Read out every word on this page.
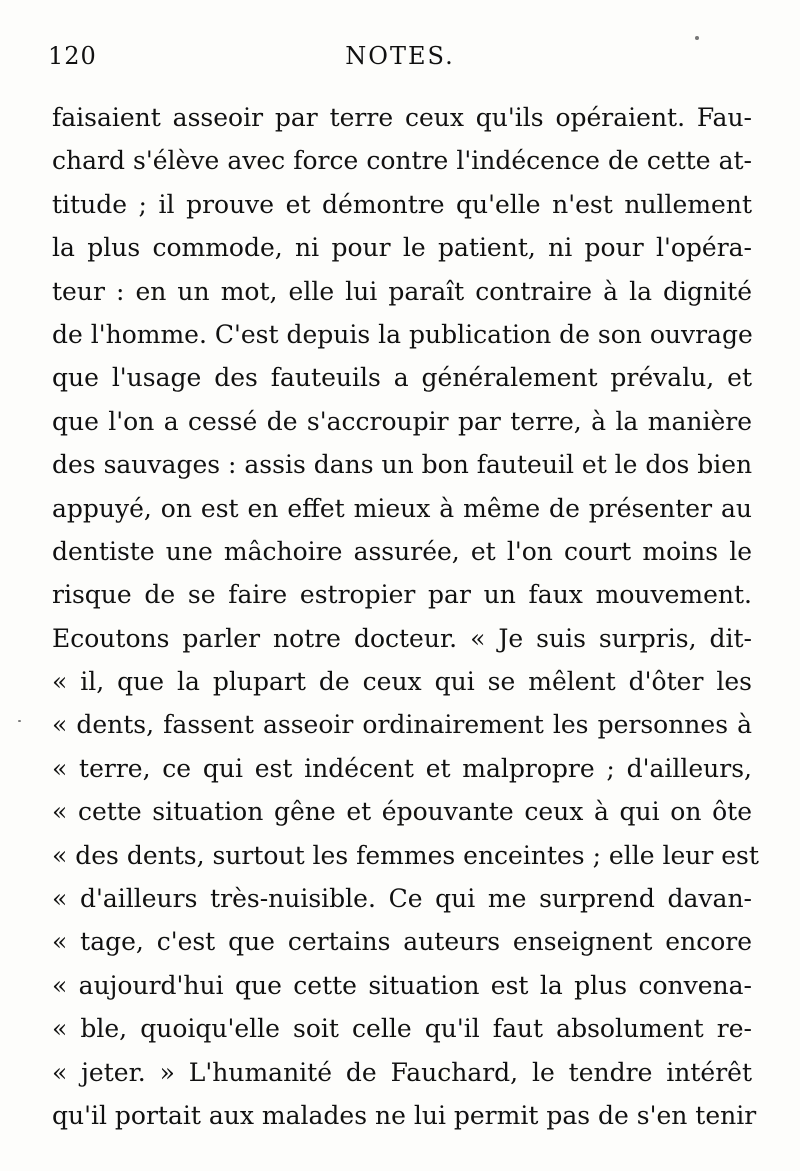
120	NOTES.
faisaient asseoir par terre ceux qu'ils opéraient. Fau-
chard s'élève avec force contre l'indécence de cette at-
titude ; il prouve et démontre qu'elle n'est nullement
la plus commode, ni pour le patient, ni pour l'opéra-
teur : en un mot, elle lui paraît contraire à la dignité
de l'homme. C'est depuis la publication de son ouvrage
que l'usage des fauteuils a généralement prévalu, et
que l'on a cessé de s'accroupir par terre, à la manière
des sauvages : assis dans un bon fauteuil et le dos bien
appuyé, on est en effet mieux à même de présenter au
dentiste une mâchoire assurée, et l'on court moins le
risque de se faire estropier par un faux mouvement.
Ecoutons parler notre docteur. « Je suis surpris, dit-
« il, que la plupart de ceux qui se mêlent d'ôter les
« dents, fassent asseoir ordinairement les personnes à
« terre, ce qui est indécent et malpropre ; d'ailleurs,
« cette situation gêne et épouvante ceux à qui on ôte
« des dents, surtout les femmes enceintes ; elle leur est
« d'ailleurs très-nuisible. Ce qui me surprend davan-
« tage, c'est que certains auteurs enseignent encore
« aujourd'hui que cette situation est la plus convena-
« ble, quoiqu'elle soit celle qu'il faut absolument re-
« jeter. » L'humanité de Fauchard, le tendre intérêt
qu'il portait aux malades ne lui permit pas de s'en tenir
